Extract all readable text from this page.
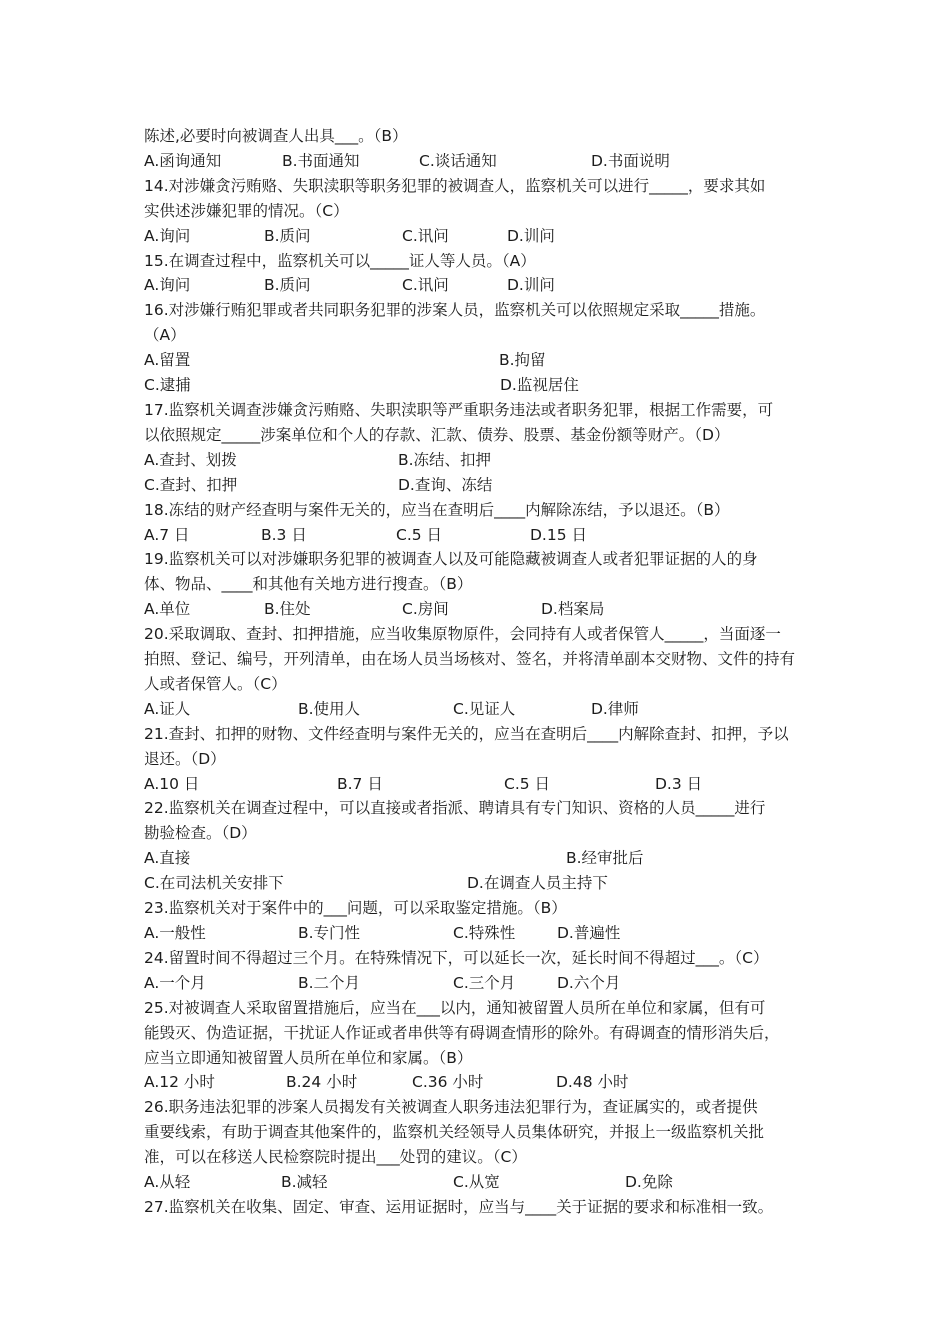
陈述,必要时向被调查人出具___。（B）
A.函询通知	B.书面通知	C.谈话通知	D.书面说明
14.对涉嫌贪污贿赂、失职渎职等职务犯罪的被调查人，监察机关可以进行_____，要求其如
实供述涉嫌犯罪的情况。（C）
A.询问	B.质问	C.讯问	D.训问
15.在调查过程中，监察机关可以_____证人等人员。（A）
A.询问	B.质问	C.讯问	D.训问
16.对涉嫌行贿犯罪或者共同职务犯罪的涉案人员，监察机关可以依照规定采取_____措施。
（A）
A.留置	B.拘留
C.逮捕	D.监视居住
17.监察机关调查涉嫌贪污贿赂、失职渎职等严重职务违法或者职务犯罪，根据工作需要，可
以依照规定_____涉案单位和个人的存款、汇款、债券、股票、基金份额等财产。（D）
A.查封、划拨	B.冻结、扣押
C.查封、扣押	D.查询、冻结
18.冻结的财产经查明与案件无关的，应当在查明后____内解除冻结，予以退还。（B）
A.7 日	B.3 日	C.5 日	D.15 日
19.监察机关可以对涉嫌职务犯罪的被调查人以及可能隐藏被调查人或者犯罪证据的人的身
体、物品、____和其他有关地方进行搜查。（B）
A.单位	B.住处	C.房间	D.档案局
20.采取调取、查封、扣押措施，应当收集原物原件，会同持有人或者保管人_____，当面逐一
拍照、登记、编号，开列清单，由在场人员当场核对、签名，并将清单副本交财物、文件的持有
人或者保管人。（C）
A.证人	B.使用人	C.见证人	D.律师
21.查封、扣押的财物、文件经查明与案件无关的，应当在查明后____内解除查封、扣押，予以
退还。（D）
A.10 日	B.7 日	C.5 日	D.3 日
22.监察机关在调查过程中，可以直接或者指派、聘请具有专门知识、资格的人员_____进行
勘验检查。（D）
A.直接	B.经审批后
C.在司法机关安排下	D.在调查人员主持下
23.监察机关对于案件中的___问题，可以采取鉴定措施。（B）
A.一般性	B.专门性	C.特殊性	D.普遍性
24.留置时间不得超过三个月。在特殊情况下，可以延长一次，延长时间不得超过___。（C）
A.一个月	B.二个月	C.三个月	D.六个月
25.对被调查人采取留置措施后，应当在___以内，通知被留置人员所在单位和家属，但有可
能毁灭、伪造证据，干扰证人作证或者串供等有碍调查情形的除外。有碍调查的情形消失后，
应当立即通知被留置人员所在单位和家属。（B）
A.12 小时	B.24 小时	C.36 小时	D.48 小时
26.职务违法犯罪的涉案人员揭发有关被调查人职务违法犯罪行为，查证属实的，或者提供
重要线索，有助于调查其他案件的，监察机关经领导人员集体研究，并报上一级监察机关批
准，可以在移送人民检察院时提出___处罚的建议。（C）
A.从轻	B.减轻	C.从宽	D.免除
27.监察机关在收集、固定、审查、运用证据时，应当与____关于证据的要求和标准相一致。
